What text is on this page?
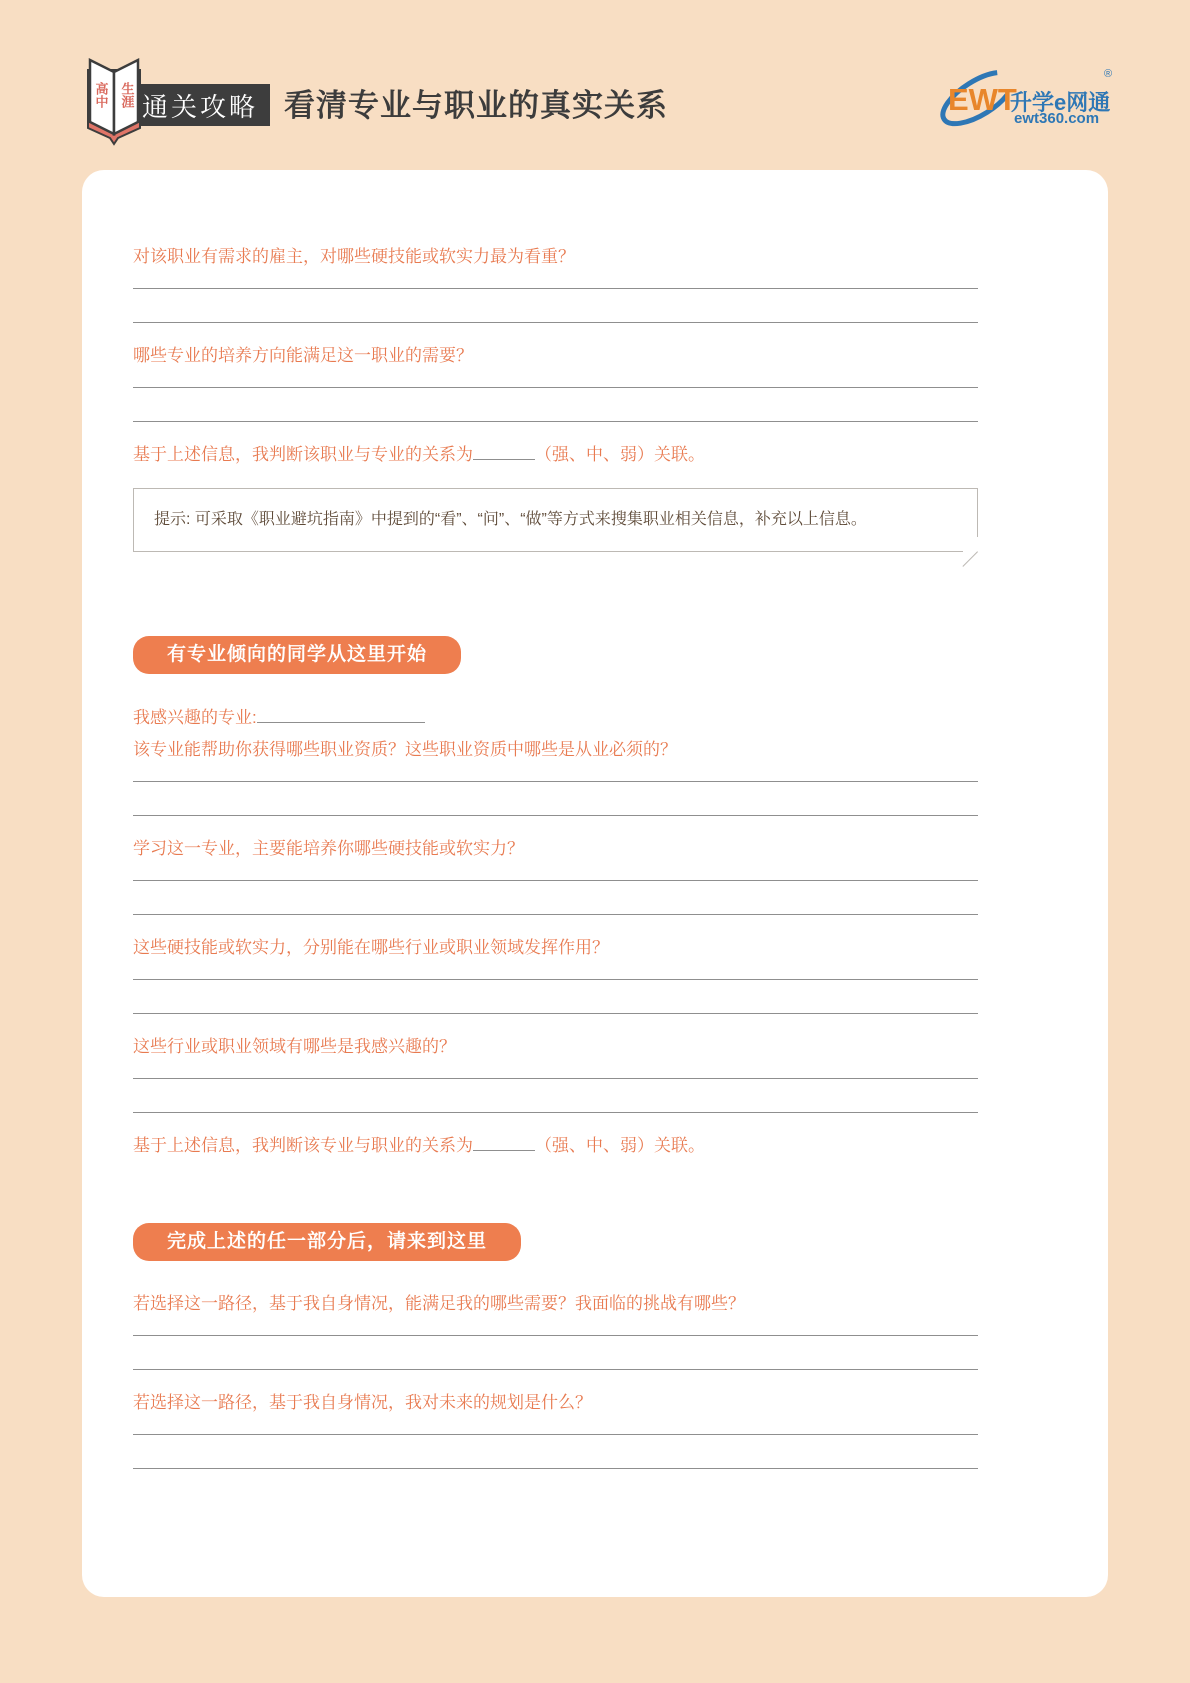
通关攻略
高中 生涯	看清专业与职业的真实关系	EWT
升学e网通
ewt360.com
®

对该职业有需求的雇主，对哪些硬技能或软实力最为看重？

哪些专业的培养方向能满足这一职业的需要？

基于上述信息，我判断该职业与专业的关系为	（强、中、弱）关联。

提示: 可采取《职业避坑指南》中提到的“看”、“问”、“做”等方式来搜集职业相关信息，补充以上信息。
有专业倾向的同学从这里开始

我感兴趣的专业:

该专业能帮助你获得哪些职业资质？这些职业资质中哪些是从业必须的？

学习这一专业，主要能培养你哪些硬技能或软实力？

这些硬技能或软实力，分别能在哪些行业或职业领域发挥作用？

这些行业或职业领域有哪些是我感兴趣的？

基于上述信息，我判断该专业与职业的关系为	（强、中、弱）关联。

完成上述的任一部分后，请来到这里

若选择这一路径，基于我自身情况，能满足我的哪些需要？我面临的挑战有哪些？

若选择这一路径，基于我自身情况，我对未来的规划是什么？
